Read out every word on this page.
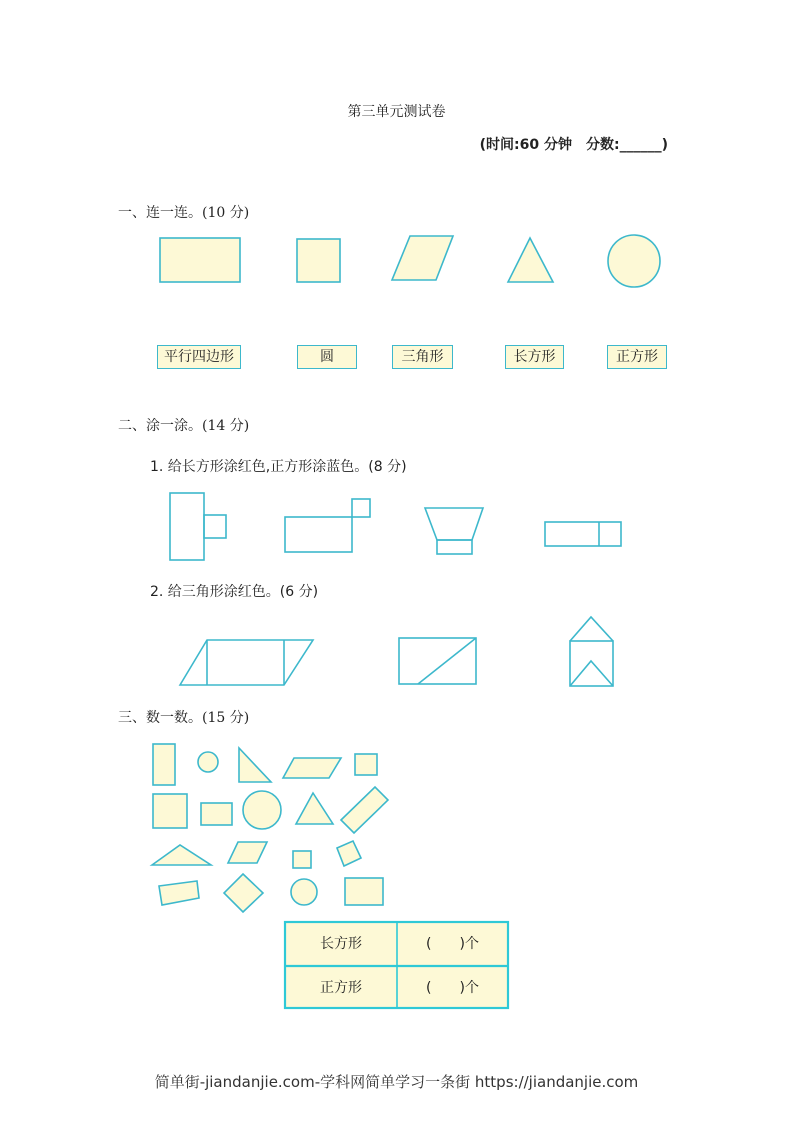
第三单元测试卷
(时间:60 分钟　分数:______)
一、连一连。(10 分)
二、涂一涂。(14 分)
1. 给长方形涂红色,正方形涂蓝色。(8 分)
2. 给三角形涂红色。(6 分)
三、数一数。(15 分)
平行四边形	圆	三角形	长方形	正方形
长方形	(　　)个
正方形	(　　)个
简单街-jiandanjie.com-学科网简单学习一条街 https://jiandanjie.com
